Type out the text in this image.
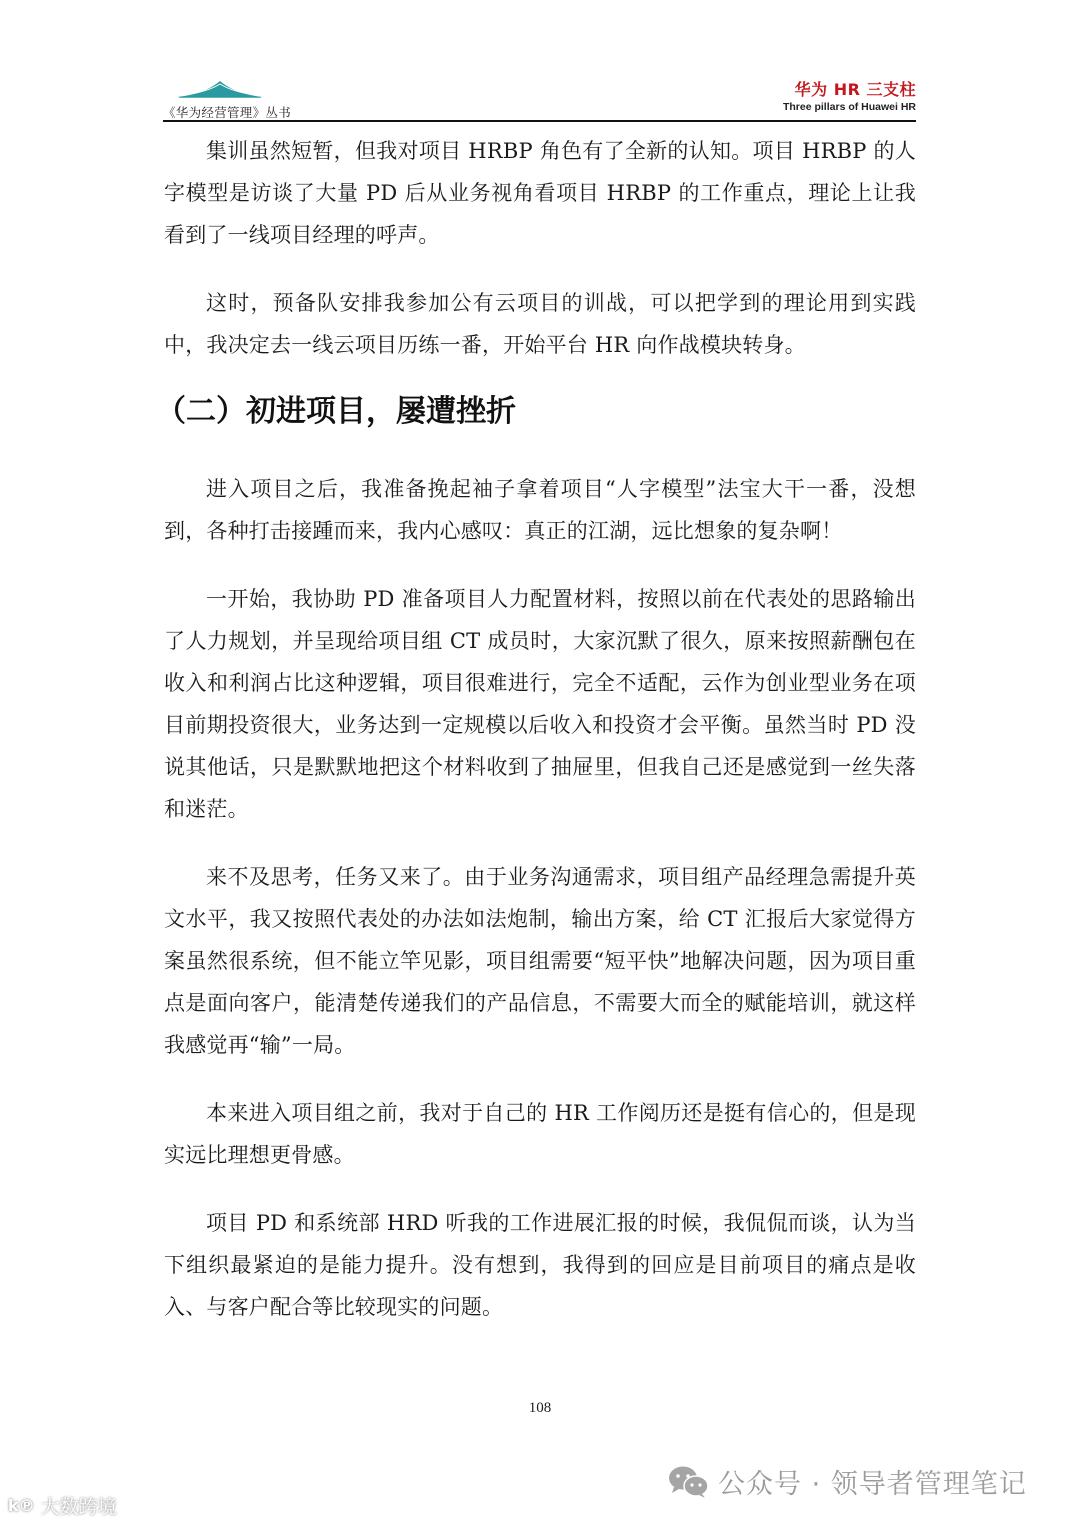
《华为经营管理》丛书
华为 HR 三支柱
Three pillars of Huawei HR

集训虽然短暂，但我对项目 HRBP 角色有了全新的认知。项目 HRBP 的人字模型是访谈了大量 PD 后从业务视角看项目 HRBP 的工作重点，理论上让我看到了一线项目经理的呼声。

这时，预备队安排我参加公有云项目的训战，可以把学到的理论用到实践中，我决定去一线云项目历练一番，开始平台 HR 向作战模块转身。

（二）初进项目，屡遭挫折

进入项目之后，我准备挽起袖子拿着项目“人字模型”法宝大干一番，没想到，各种打击接踵而来，我内心感叹：真正的江湖，远比想象的复杂啊！

一开始，我协助 PD 准备项目人力配置材料，按照以前在代表处的思路输出了人力规划，并呈现给项目组 CT 成员时，大家沉默了很久，原来按照薪酬包在收入和利润占比这种逻辑，项目很难进行，完全不适配，云作为创业型业务在项目前期投资很大，业务达到一定规模以后收入和投资才会平衡。虽然当时 PD 没说其他话，只是默默地把这个材料收到了抽屉里，但我自己还是感觉到一丝失落和迷茫。

来不及思考，任务又来了。由于业务沟通需求，项目组产品经理急需提升英文水平，我又按照代表处的办法如法炮制，输出方案，给 CT 汇报后大家觉得方案虽然很系统，但不能立竿见影，项目组需要“短平快”地解决问题，因为项目重点是面向客户，能清楚传递我们的产品信息，不需要大而全的赋能培训，就这样我感觉再“输”一局。

本来进入项目组之前，我对于自己的 HR 工作阅历还是挺有信心的，但是现实远比理想更骨感。

项目 PD 和系统部 HRD 听我的工作进展汇报的时候，我侃侃而谈，认为当下组织最紧迫的是能力提升。没有想到，我得到的回应是目前项目的痛点是收入、与客户配合等比较现实的问题。

108
公众号 · 领导者管理笔记
k℗ 大数跨境
